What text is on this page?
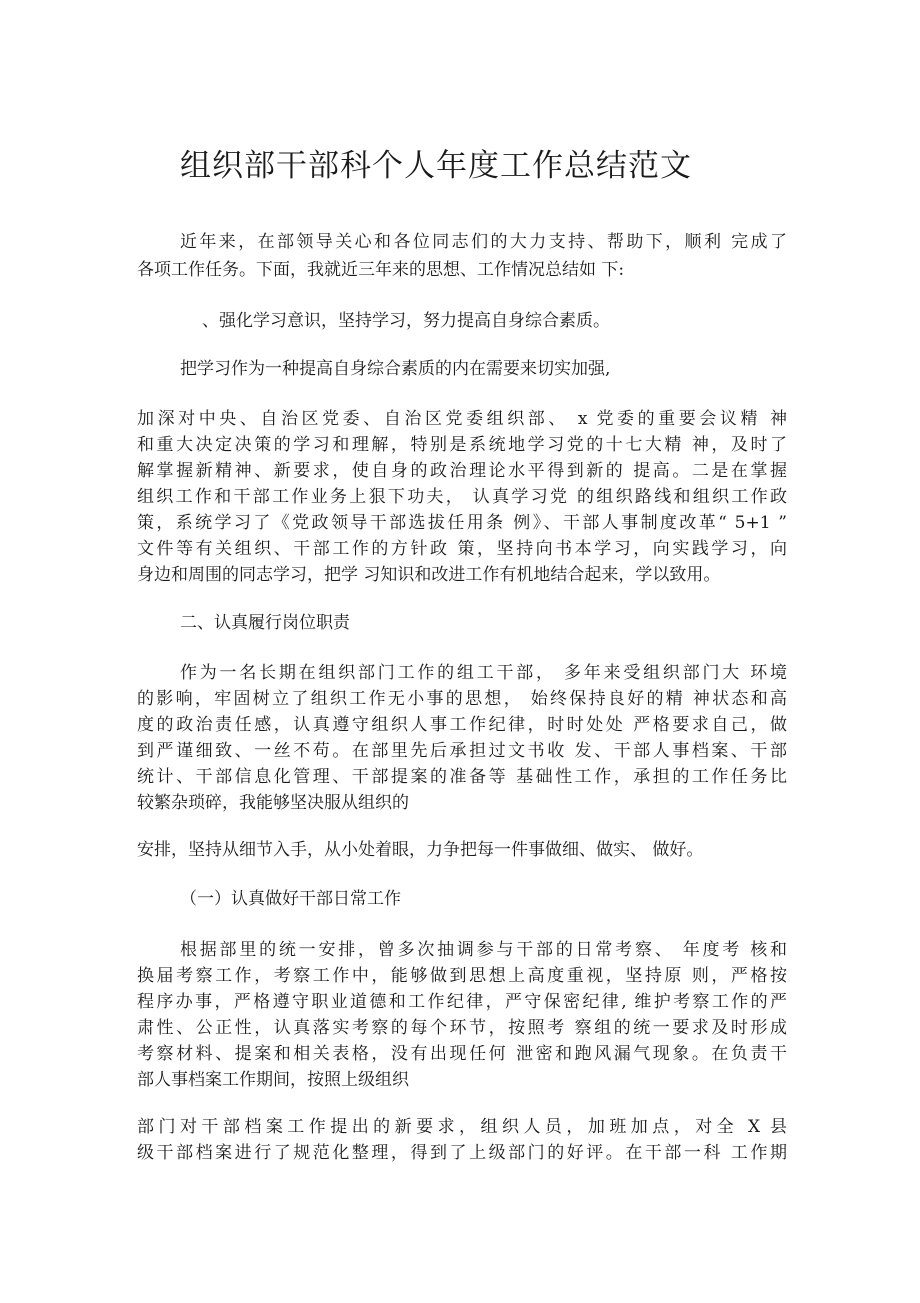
组织部干部科个人年度工作总结范文
近年来，在部领导关心和各位同志们的大力支持、帮助下，顺利 完成了
各项工作任务。下面，我就近三年来的思想、工作情况总结如 下:
、强化学习意识，坚持学习，努力提高自身综合素质。
把学习作为一种提高自身综合素质的内在需要来切实加强,
加深对中央、自治区党委、自治区党委组织部、 x 党委的重要会议精 神
和重大决定决策的学习和理解，特别是系统地学习党的十七大精 神，及时了
解掌握新精神、新要求，使自身的政治理论水平得到新的 提高。二是在掌握
组织工作和干部工作业务上狠下功夫， 认真学习党 的组织路线和组织工作政
策，系统学习了《党政领导干部选拔任用条 例》、干部人事制度改革“ 5+1 ”
文件等有关组织、干部工作的方针政 策，坚持向书本学习，向实践学习，向
身边和周围的同志学习，把学 习知识和改进工作有机地结合起来，学以致用。
二、认真履行岗位职责
作为一名长期在组织部门工作的组工干部， 多年来受组织部门大 环境
的影响，牢固树立了组织工作无小事的思想， 始终保持良好的精 神状态和高
度的政治责任感，认真遵守组织人事工作纪律，时时处处 严格要求自己，做
到严谨细致、一丝不苟。在部里先后承担过文书收 发、干部人事档案、干部
统计、干部信息化管理、干部提案的准备等 基础性工作，承担的工作任务比
较繁杂琐碎，我能够坚决服从组织的
安排，坚持从细节入手，从小处着眼，力争把每一件事做细、做实、 做好。
（一）认真做好干部日常工作
根据部里的统一安排，曾多次抽调参与干部的日常考察、 年度考 核和
换届考察工作，考察工作中，能够做到思想上高度重视，坚持原 则，严格按
程序办事，严格遵守职业道德和工作纪律，严守保密纪律, 维护考察工作的严
肃性、公正性，认真落实考察的每个环节，按照考 察组的统一要求及时形成
考察材料、提案和相关表格，没有出现任何 泄密和跑风漏气现象。在负责干
部人事档案工作期间，按照上级组织
部门对干部档案工作提出的新要求，组织人员，加班加点，对全 X 县
级干部档案进行了规范化整理，得到了上级部门的好评。在干部一科 工作期
